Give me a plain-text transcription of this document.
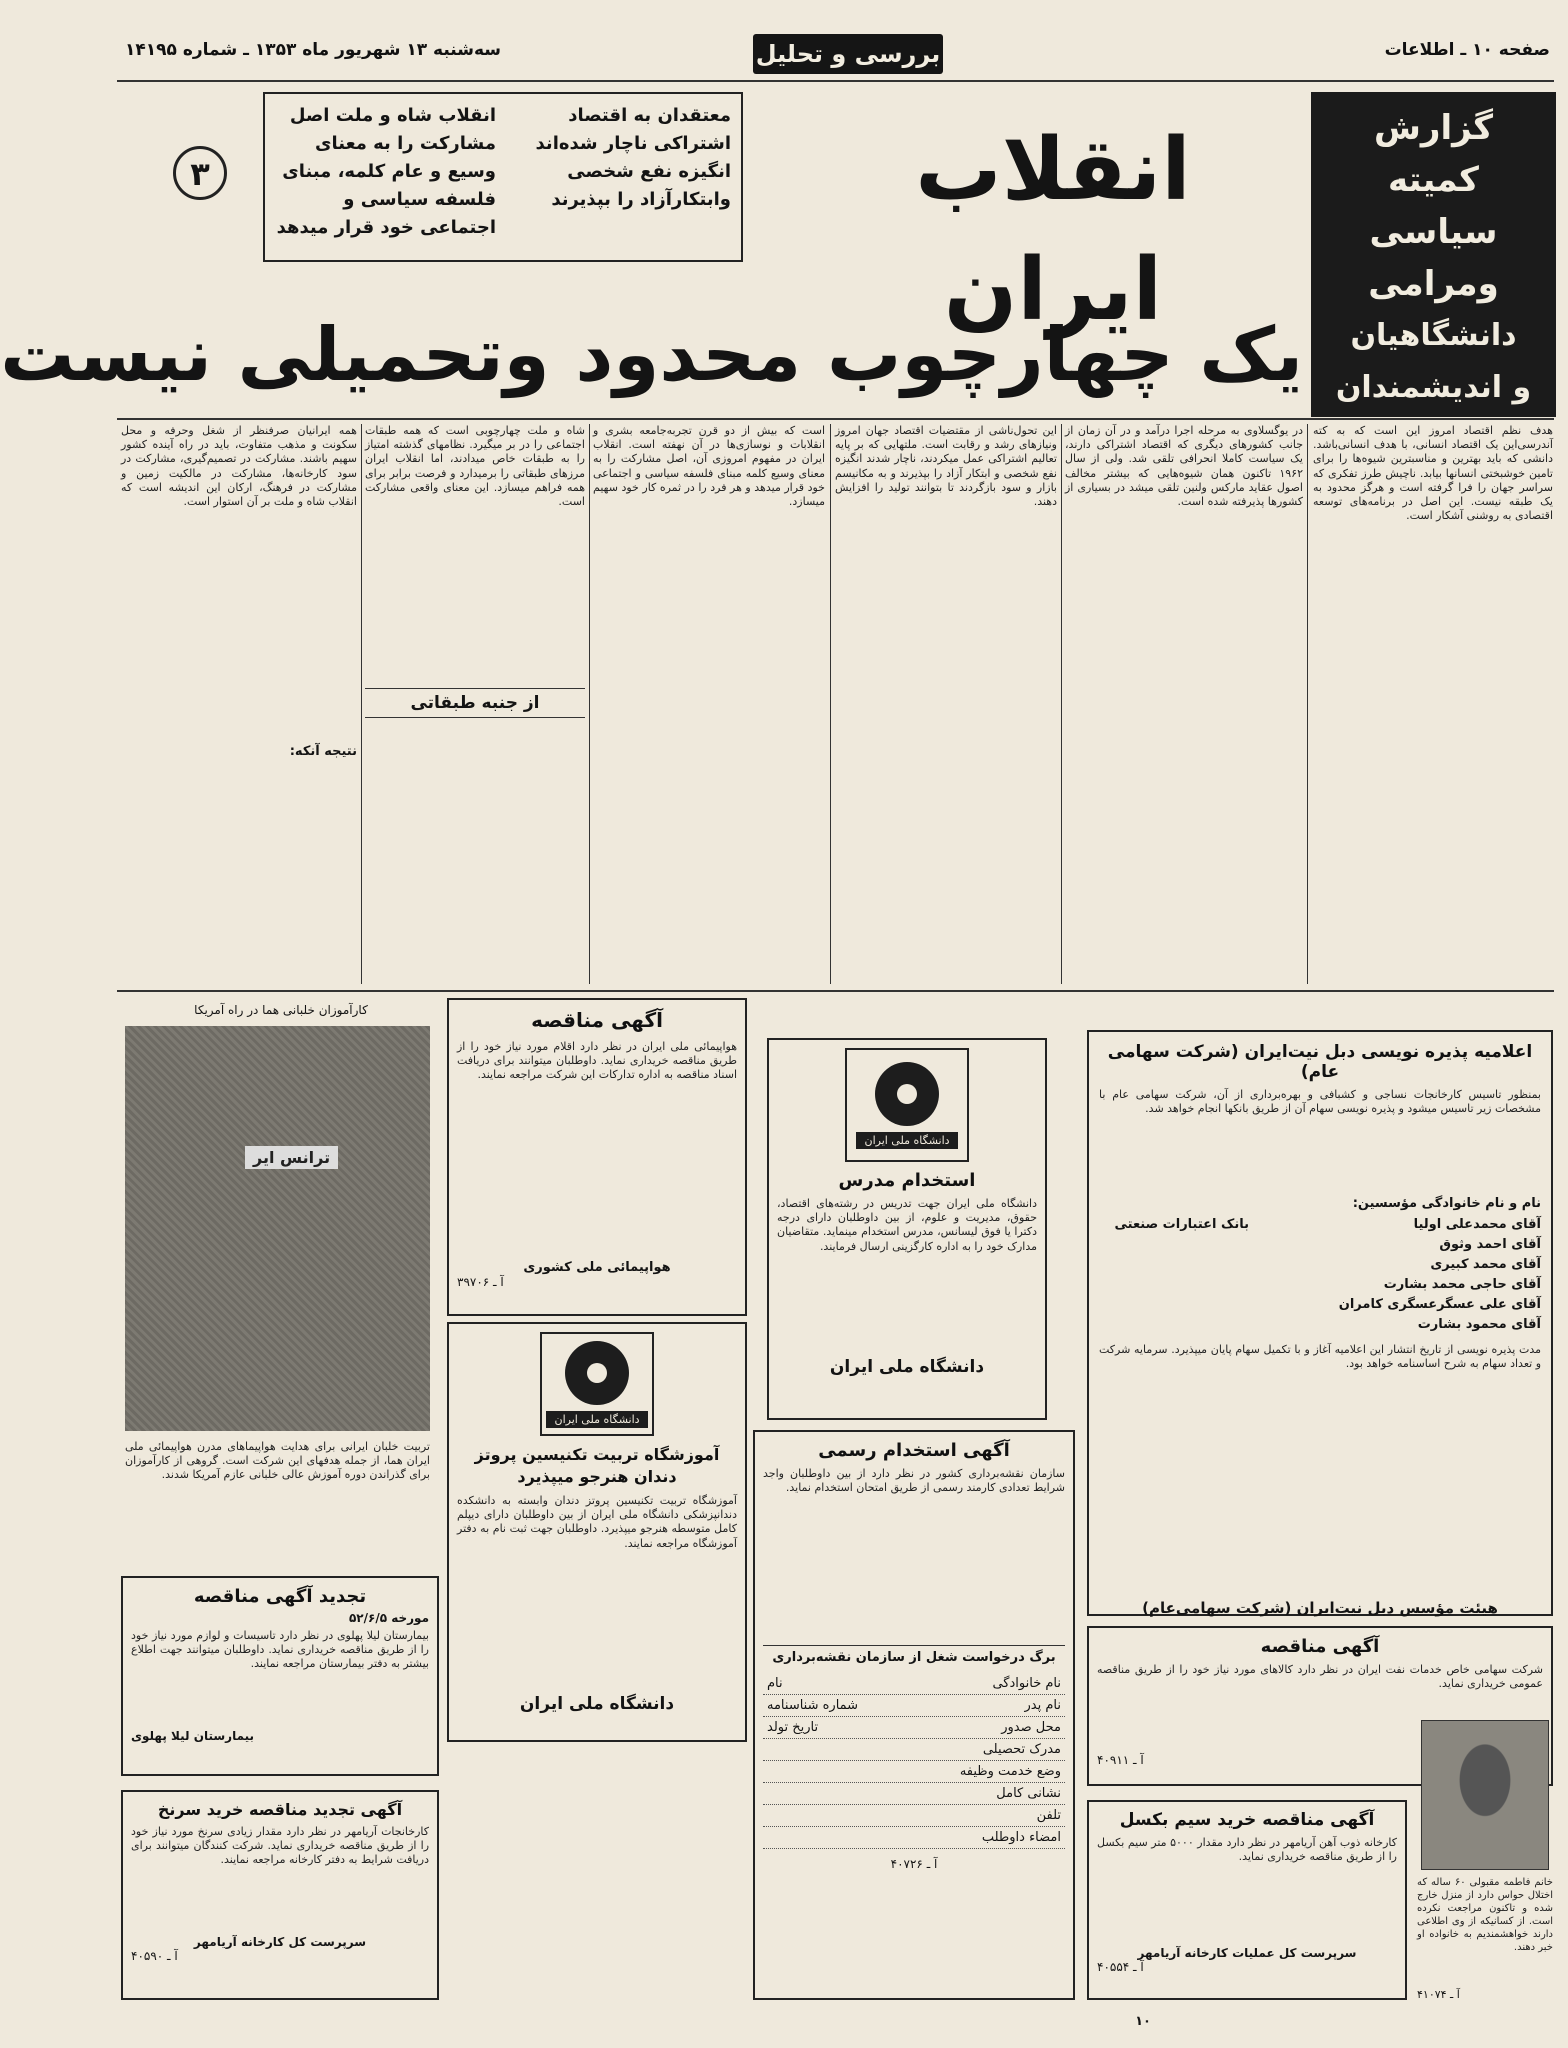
صفحه ۱۰ ـ اطلاعات
بررسی و تحلیل
سه‌شنبه ۱۳ شهریور ماه ۱۳۵۳ ـ شماره ۱۴۱۹۵
گزارش
کمیته
سیاسی
ومرامی
دانشگاهیان
و اندیشمندان
انقلاب ایران
معتقدان به اقتصاد اشتراکی ناچار شده‌اند انگیزه نفع شخصی وابتکارآزاد را بپذیرند
انقلاب شاه و ملت اصل مشارکت را به معنای وسیع و عام کلمه، مبنای فلسفه سیاسی و اجتماعی خود قرار میدهد
۳
یک چهارچوب محدود وتحمیلی نیست
هدف نظم اقتصاد امروز این است که به کته آندرسی‌این یک اقتصاد انسانی، با هدف انسانی‌باشد. دانشی که باید بهترین و مناسبترین شیوه‌ها را برای تامین خوشبختی انسانها بیابد. ناچیش طرز تفکری که سراسر جهان را فرا گرفته است و هرگز محدود به یک طبقه نیست. این اصل در برنامه‌های توسعه اقتصادی به روشنی آشکار است.
در یوگسلاوی به مرحله اجرا درآمد و در آن زمان از جانب کشورهای دیگری که اقتصاد اشتراکی دارند، یک سیاست کاملا انحرافی تلقی شد. ولی از سال ۱۹۶۲ تاکنون همان شیوه‌هایی که بیشتر مخالف اصول عقاید مارکس ولنین تلقی میشد در بسیاری از کشورها پذیرفته شده است.
این تحول‌ناشی از مقتضیات اقتصاد جهان امروز ونیازهای رشد و رقابت است. ملتهایی که بر پایه تعالیم اشتراکی عمل میکردند، ناچار شدند انگیزه نفع شخصی و ابتکار آزاد را بپذیرند و به مکانیسم بازار و سود بازگردند تا بتوانند تولید را افزایش دهند.
است که بیش از دو قرن تجربه‌جامعه بشری و انقلابات و نوسازی‌ها در آن نهفته است. انقلاب ایران در مفهوم امروزی آن، اصل مشارکت را به معنای وسیع کلمه مبنای فلسفه سیاسی و اجتماعی خود قرار میدهد و هر فرد را در ثمره کار خود سهیم میسازد.
شاه و ملت چهارچوبی است که همه طبقات اجتماعی را در بر میگیرد. نظامهای گذشته امتیاز را به طبقات خاص میدادند، اما انقلاب ایران مرزهای طبقاتی را برمیدارد و فرصت برابر برای همه فراهم میسازد. این معنای واقعی مشارکت است.
از جنبه طبقاتی
همه ایرانیان صرفنظر از شغل وحرفه و محل سکونت و مذهب متفاوت، باید در راه آینده کشور سهیم باشند. مشارکت در تصمیم‌گیری، مشارکت در سود کارخانه‌ها، مشارکت در مالکیت زمین و مشارکت در فرهنگ، ارکان این اندیشه است که انقلاب شاه و ملت بر آن استوار است.
نتیجه آنکه:
کارآموزان خلبانی هما در راه آمریکا
ترانس ایر
تربیت خلبان ایرانی برای هدایت هواپیماهای مدرن هواپیمائی ملی ایران هما، از جمله هدفهای این شرکت است. گروهی از کارآموزان برای گذراندن دوره آموزش عالی خلبانی عازم آمریکا شدند.
آگهی مناقصه
هواپیمائی ملی ایران در نظر دارد اقلام مورد نیاز خود را از طریق مناقصه خریداری نماید. داوطلبان میتوانند برای دریافت اسناد مناقصه به اداره تدارکات این شرکت مراجعه نمایند.
هواپیمائی ملی کشوری
آ ـ ۳۹۷۰۶
دانشگاه ملی ایران
استخدام مدرس
دانشگاه ملی ایران جهت تدریس در رشته‌های اقتصاد، حقوق، مدیریت و علوم، از بین داوطلبان دارای درجه دکترا یا فوق لیسانس، مدرس استخدام مینماید. متقاضیان مدارک خود را به اداره کارگزینی ارسال فرمایند.
دانشگاه ملی ایران
اعلامیه پذیره نویسی دبل نیت‌ایران (شرکت سهامی عام)
بمنظور تاسیس کارخانجات نساجی و کشبافی و بهره‌برداری از آن، شرکت سهامی عام با مشخصات زیر تاسیس میشود و پذیره نویسی سهام آن از طریق بانکها انجام خواهد شد.
نام و نام خانوادگی مؤسسین:
آقای محمدعلی اولیا
آقای احمد وثوق
آقای محمد کبیری
آقای حاجی محمد بشارت
آقای علی عسگرعسگری کامران
آقای محمود بشارت
بانک اعتبارات صنعتی
مدت پذیره نویسی از تاریخ انتشار این اعلامیه آغاز و با تکمیل سهام پایان میپذیرد. سرمایه شرکت و تعداد سهام به شرح اساسنامه خواهد بود.
هیئت مؤسس دبل نیت‌ایران (شرکت سهامی‌عام)
دانشگاه ملی ایران
آموزشگاه تربیت تکنیسین پروتز دندان هنرجو میپذیرد
آموزشگاه تربیت تکنیسین پروتز دندان وابسته به دانشکده دندانپزشکی دانشگاه ملی ایران از بین داوطلبان دارای دیپلم کامل متوسطه هنرجو میپذیرد. داوطلبان جهت ثبت نام به دفتر آموزشگاه مراجعه نمایند.
دانشگاه ملی ایران
آگهی استخدام رسمی
سازمان نقشه‌برداری کشور در نظر دارد از بین داوطلبان واجد شرایط تعدادی کارمند رسمی از طریق امتحان استخدام نماید.
برگ درخواست شغل از سازمان نقشه‌برداری
نام خانوادگی
نام
نام پدر
شماره شناسنامه
محل صدور
تاریخ تولد
مدرک تحصیلی
وضع خدمت وظیفه
نشانی کامل
تلفن
امضاء داوطلب
آ ـ ۴۰۷۲۶
تجدید آگهی مناقصه
مورخه ۵۲/۶/۵
بیمارستان لیلا پهلوی در نظر دارد تاسیسات و لوازم مورد نیاز خود را از طریق مناقصه خریداری نماید. داوطلبان میتوانند جهت اطلاع بیشتر به دفتر بیمارستان مراجعه نمایند.
بیمارستان لیلا پهلوی
آگهی تجدید مناقصه خرید سرنخ
کارخانجات آریامهر در نظر دارد مقدار زیادی سرنخ مورد نیاز خود را از طریق مناقصه خریداری نماید. شرکت کنندگان میتوانند برای دریافت شرایط به دفتر کارخانه مراجعه نمایند.
سرپرست کل کارخانه آریامهر
آ ـ ۴۰۵۹۰
آگهی مناقصه
شرکت سهامی خاص خدمات نفت ایران در نظر دارد کالاهای مورد نیاز خود را از طریق مناقصه عمومی خریداری نماید.
آ ـ ۴۰۹۱۱
آگهی مناقصه خرید سیم بکسل
کارخانه ذوب آهن آریامهر در نظر دارد مقدار ۵۰۰۰ متر سیم بکسل را از طریق مناقصه خریداری نماید.
سرپرست کل عملیات کارخانه آریامهر
آ ـ ۴۰۵۵۴
خانم فاطمه مقبولی ۶۰ ساله که اختلال حواس دارد از منزل خارج شده و تاکنون مراجعت نکرده است. از کسانیکه از وی اطلاعی دارند خواهشمندیم به خانواده او خبر دهند.
آ ـ ۴۱۰۷۴
۱۰
